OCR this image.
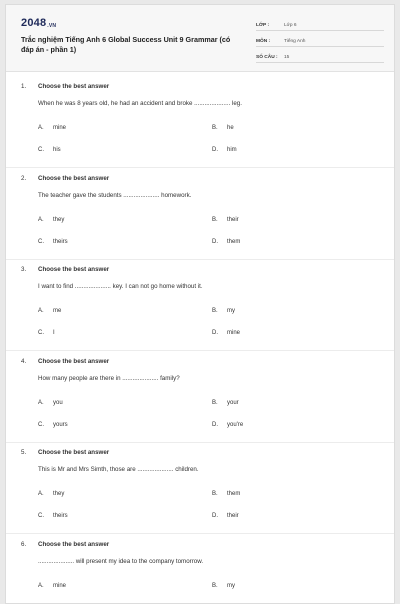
2048.VN
Trắc nghiệm Tiếng Anh 6 Global Success Unit 9 Grammar (có đáp án - phần 1)
LỚP :	Lớp 6
MÔN :	Tiếng Anh
SỐ CÂU :	15
1.	Choose the best answer
When he was 8 years old, he had an accident and broke ..................... leg.
A. mine	B. he
C. his	D. him
2.	Choose the best answer
The teacher gave the students ..................... homework.
A. they	B. their
C. theirs	D. them
3.	Choose the best answer
I want to find ..................... key. I can not go home without it.
A. me	B. my
C. I	D. mine
4.	Choose the best answer
How many people are there in ..................... family?
A. you	B. your
C. yours	D. you're
5.	Choose the best answer
This is Mr and Mrs Simth, those are ..................... children.
A. they	B. them
C. theirs	D. their
6.	Choose the best answer
..................... will present my idea to the company tomorrow.
A. mine	B. my
